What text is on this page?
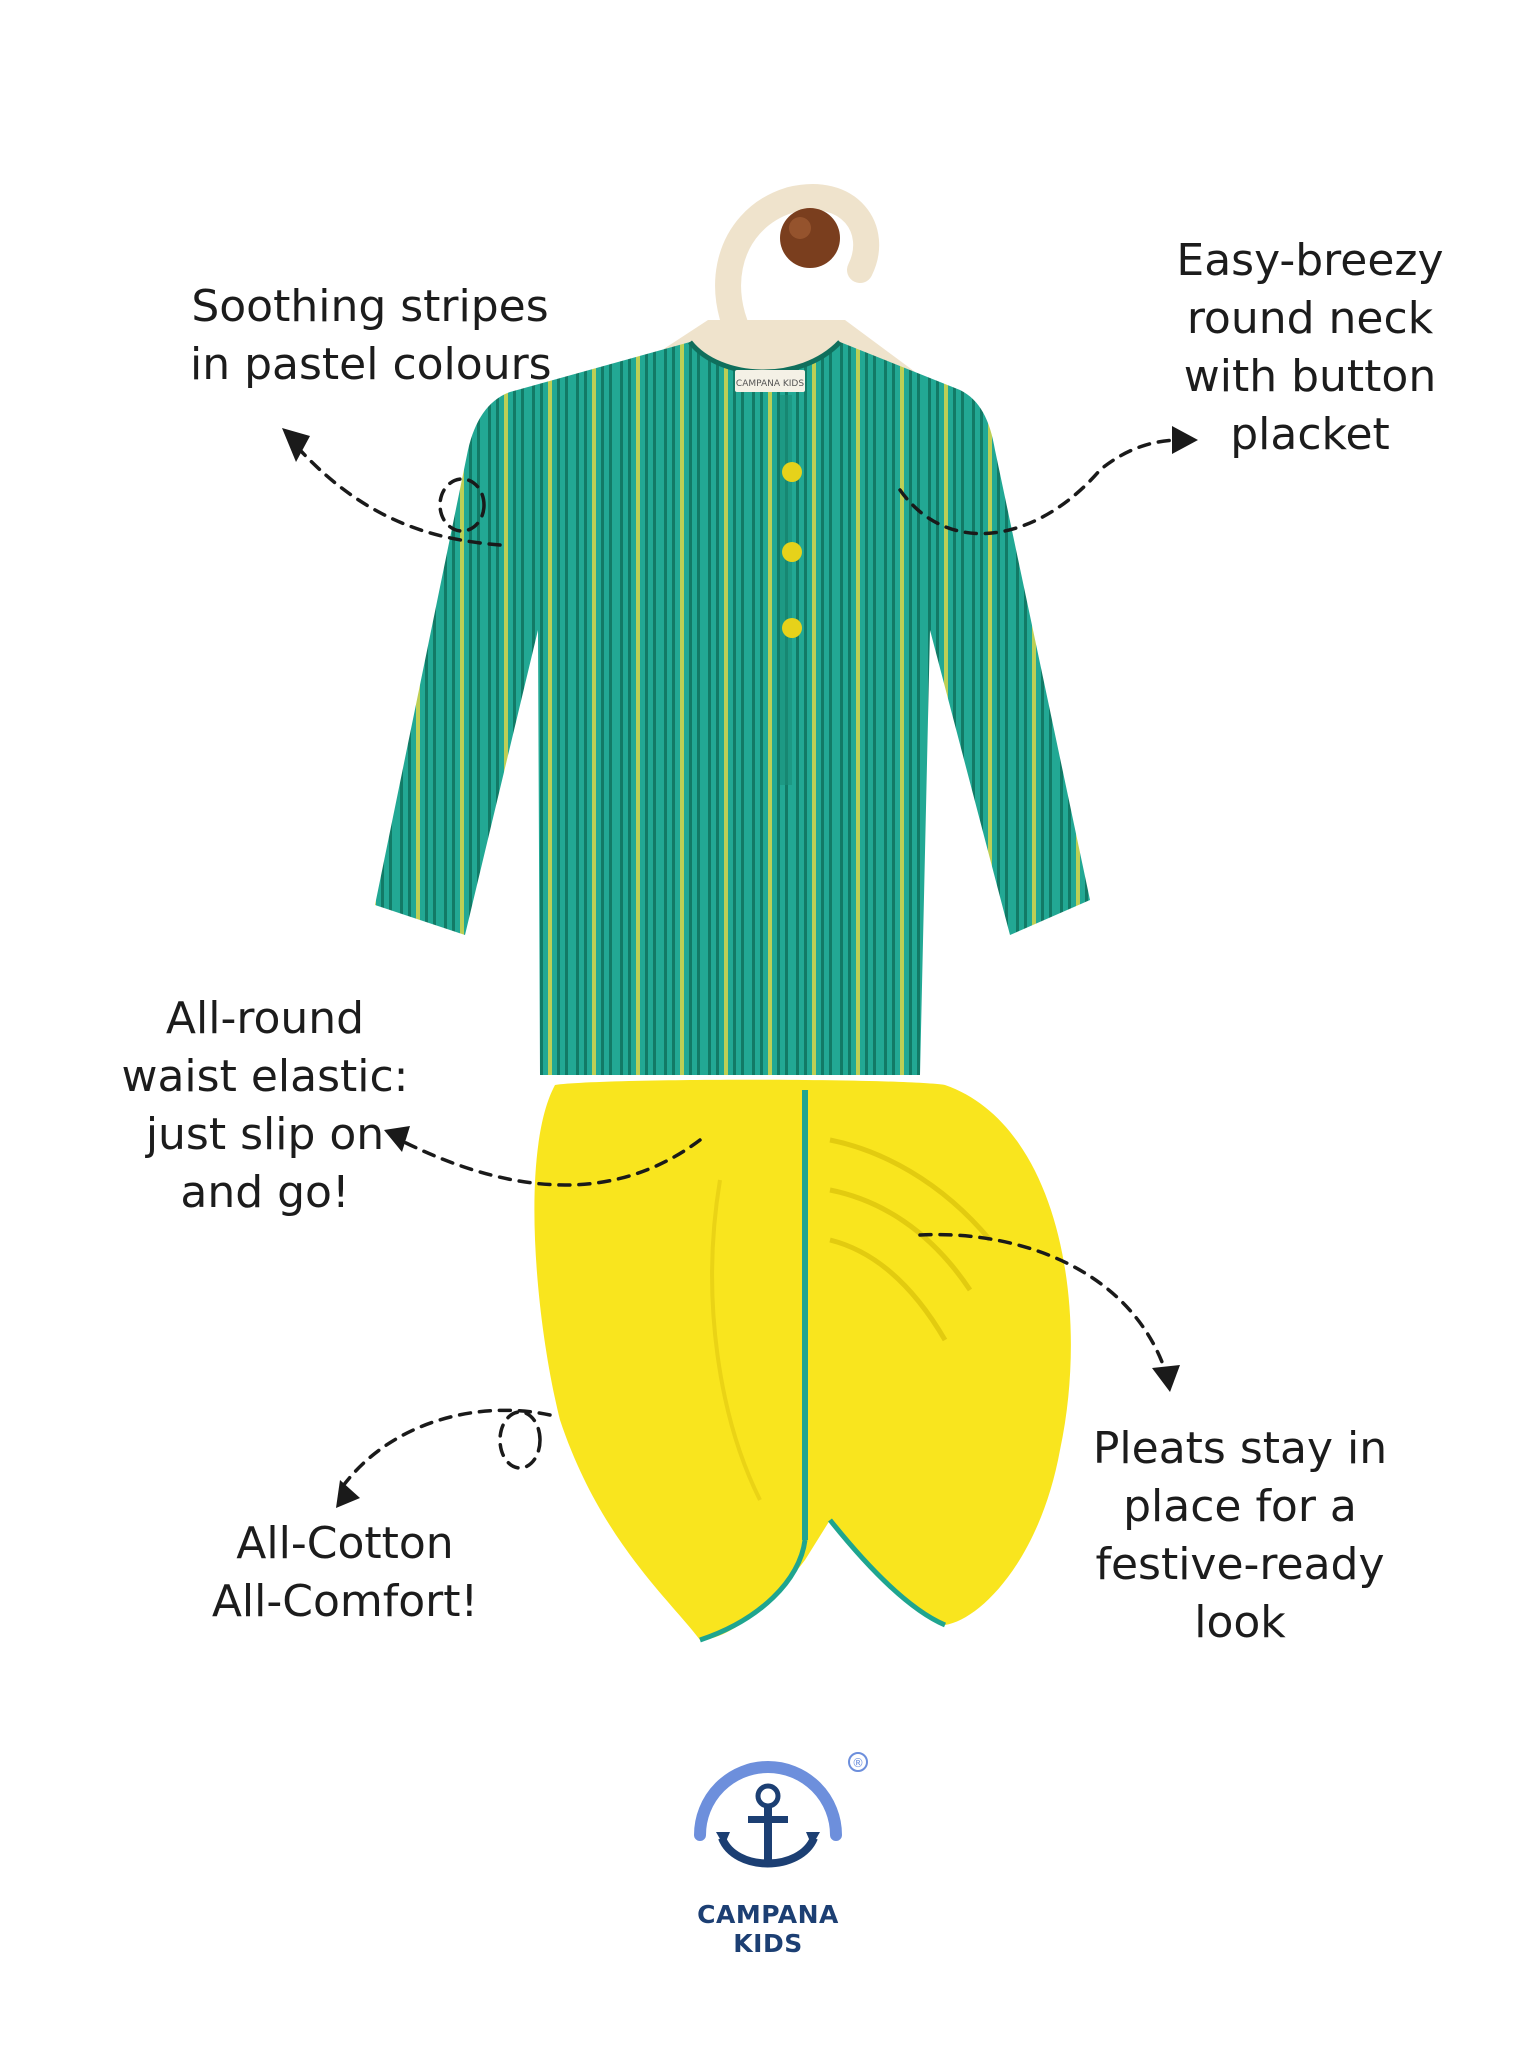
CAMPANA KIDS
®
Soothing stripes
in pastel colours
Easy-breezy
round neck
with button
placket
All-round
waist elastic:
just slip on
and go!
All-Cotton
All-Comfort!
Pleats stay in
place for a
festive-ready
look
CAMPANA KIDS
